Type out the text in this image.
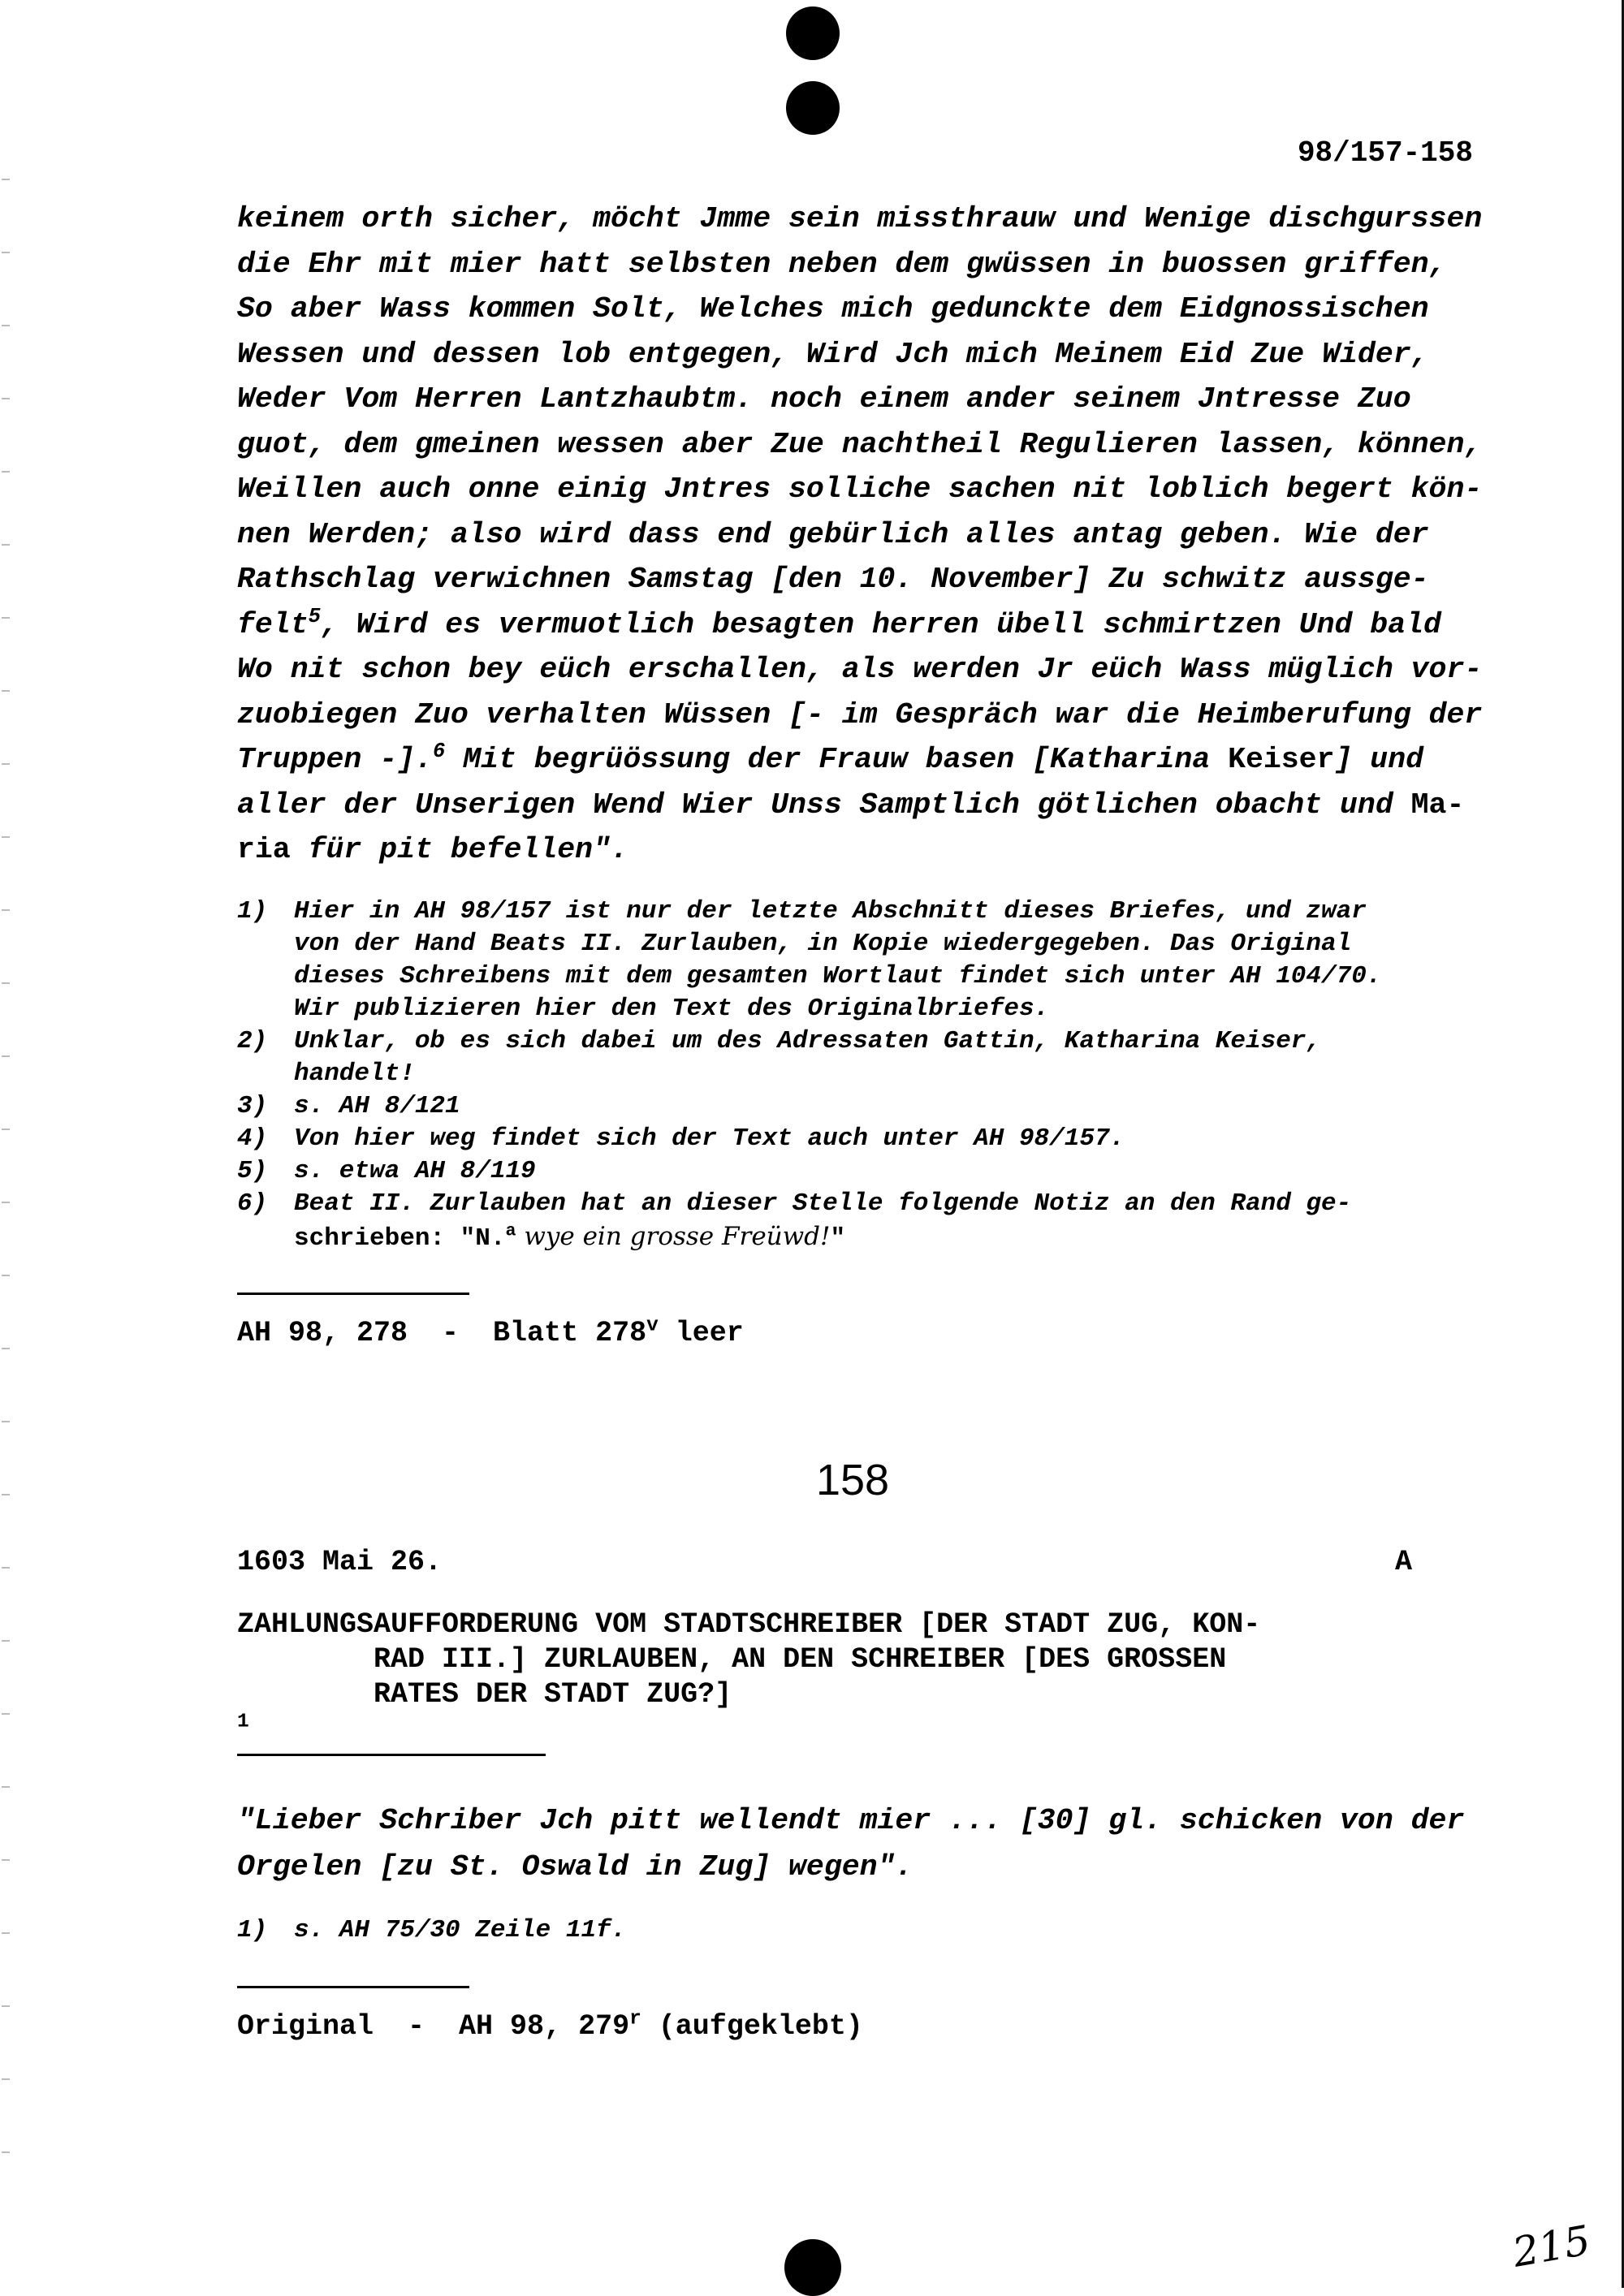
98/157-158
keinem orth sicher, möcht Jmme sein missthrauw und Wenige dischgurssen
die Ehr mit mier hatt selbsten neben dem gwüssen in buossen griffen,
So aber Wass kommen Solt, Welches mich gedunckte dem Eidgnossischen
Wessen und dessen lob entgegen, Wird Jch mich Meinem Eid Zue Wider,
Weder Vom Herren Lantzhaubtm. noch einem ander seinem Jntresse Zuo
guot, dem gmeinen wessen aber Zue nachtheil Regulieren lassen, können,
Weillen auch onne einig Jntres solliche sachen nit loblich begert kön-
nen Werden; also wird dass end gebürlich alles antag geben. Wie der
Rathschlag verwichnen Samstag [den 10. November] Zu schwitz aussge-
felt$^5$, Wird es vermuotlich besagten herren übell schmirtzen Und bald
Wo nit schon bey eüch erschallen, als werden Jr eüch Wass müglich vor-
zuobiegen Zuo verhalten Wüssen [- im Gespräch war die Heimberufung der
Truppen -].$^6$ Mit begrüössung der Frauw basen [Katharina Keiser] und
aller der Unserigen Wend Wier Unss Samptlich götlichen obacht und Ma-
ria für pit befellen".
1) Hier in AH 98/157 ist nur der letzte Abschnitt dieses Briefes, und zwar
von der Hand Beats II. Zurlauben, in Kopie wiedergegeben. Das Original
dieses Schreibens mit dem gesamten Wortlaut findet sich unter AH 104/70.
Wir publizieren hier den Text des Originalbriefes.
2) Unklar, ob es sich dabei um des Adressaten Gattin, Katharina Keiser,
handelt!
3) s. AH 8/121
4) Von hier weg findet sich der Text auch unter AH 98/157.
5) s. etwa AH 8/119
6) Beat II. Zurlauben hat an dieser Stelle folgende Notiz an den Rand ge-
schrieben: "N.$^a$ wye ein grosse Freüwd!"
AH 98, 278  -  Blatt 278$^v$ leer
158
1603 Mai 26.	A
ZAHLUNGSAUFFORDERUNG VOM STADTSCHREIBER [DER STADT ZUG, KON-
RAD III.] ZURLAUBEN, AN DEN SCHREIBER [DES GROSSEN
RATES DER STADT ZUG?]
$^1$
"Lieber Schriber Jch pitt wellendt mier ... [30] gl. schicken von der
Orgelen [zu St. Oswald in Zug] wegen".
1) s. AH 75/30 Zeile 11f.
Original  -  AH 98, 279$^r$ (aufgeklebt)
215
